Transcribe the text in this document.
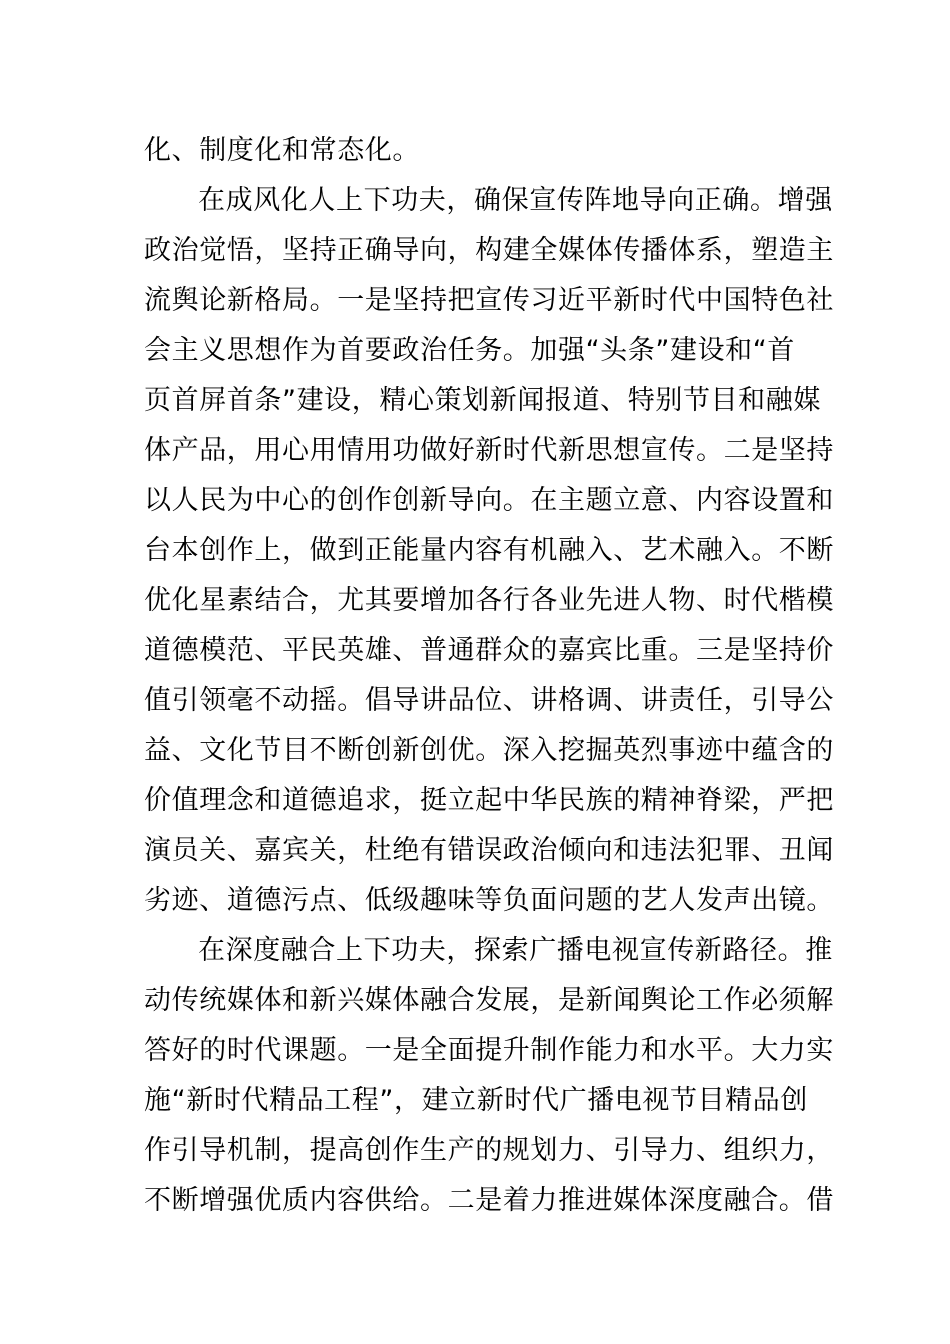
化、制度化和常态化。
在成风化人上下功夫，确保宣传阵地导向正确。增强
政治觉悟，坚持正确导向，构建全媒体传播体系，塑造主
流舆论新格局。一是坚持把宣传习近平新时代中国特色社
会主义思想作为首要政治任务。加强“头条”建设和“首
页首屏首条”建设，精心策划新闻报道、特别节目和融媒
体产品，用心用情用功做好新时代新思想宣传。二是坚持
以人民为中心的创作创新导向。在主题立意、内容设置和
台本创作上，做到正能量内容有机融入、艺术融入。不断
优化星素结合，尤其要增加各行各业先进人物、时代楷模
道德模范、平民英雄、普通群众的嘉宾比重。三是坚持价
值引领毫不动摇。倡导讲品位、讲格调、讲责任，引导公
益、文化节目不断创新创优。深入挖掘英烈事迹中蕴含的
价值理念和道德追求，挺立起中华民族的精神脊梁，严把
演员关、嘉宾关，杜绝有错误政治倾向和违法犯罪、丑闻
劣迹、道德污点、低级趣味等负面问题的艺人发声出镜。
在深度融合上下功夫，探索广播电视宣传新路径。推
动传统媒体和新兴媒体融合发展，是新闻舆论工作必须解
答好的时代课题。一是全面提升制作能力和水平。大力实
施“新时代精品工程”，建立新时代广播电视节目精品创
作引导机制，提高创作生产的规划力、引导力、组织力，
不断增强优质内容供给。二是着力推进媒体深度融合。借
